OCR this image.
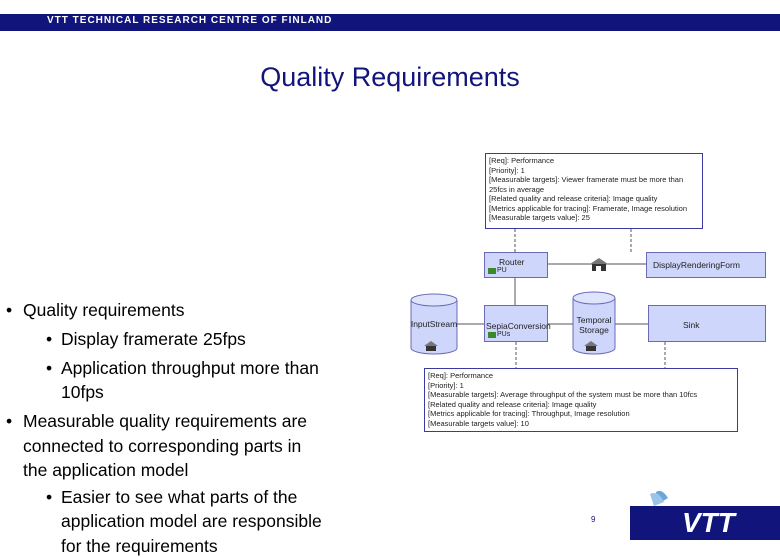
VTT TECHNICAL RESEARCH CENTRE OF FINLAND
Quality Requirements
• Quality requirements
• Display framerate 25fps
• Application throughput more than
10fps
• Measurable quality requirements are
connected to corresponding parts in
the application model
• Easier to see what parts of the
application model are responsible
for the requirements
[Req]: Performance
[Priority]: 1
[Measurable targets]: Viewer framerate must be more than
25fcs in average
[Related quality and release criteria]: Image quality
[Metrics applicable for tracing]: Framerate, Image resolution
[Measurable targets value]: 25
Router
PU
DisplayRenderingForm
InputStream	SepiaConversion
PUs
Temporal
Storage	Sink
[Req]: Performance
[Priority]: 1
[Measurable targets]: Average throughput of the system must be more than 10fcs
[Related quality and release criteria]: Image quality
[Metrics applicable for tracing]: Throughput, Image resolution
[Measurable targets value]: 10
9	VTT
